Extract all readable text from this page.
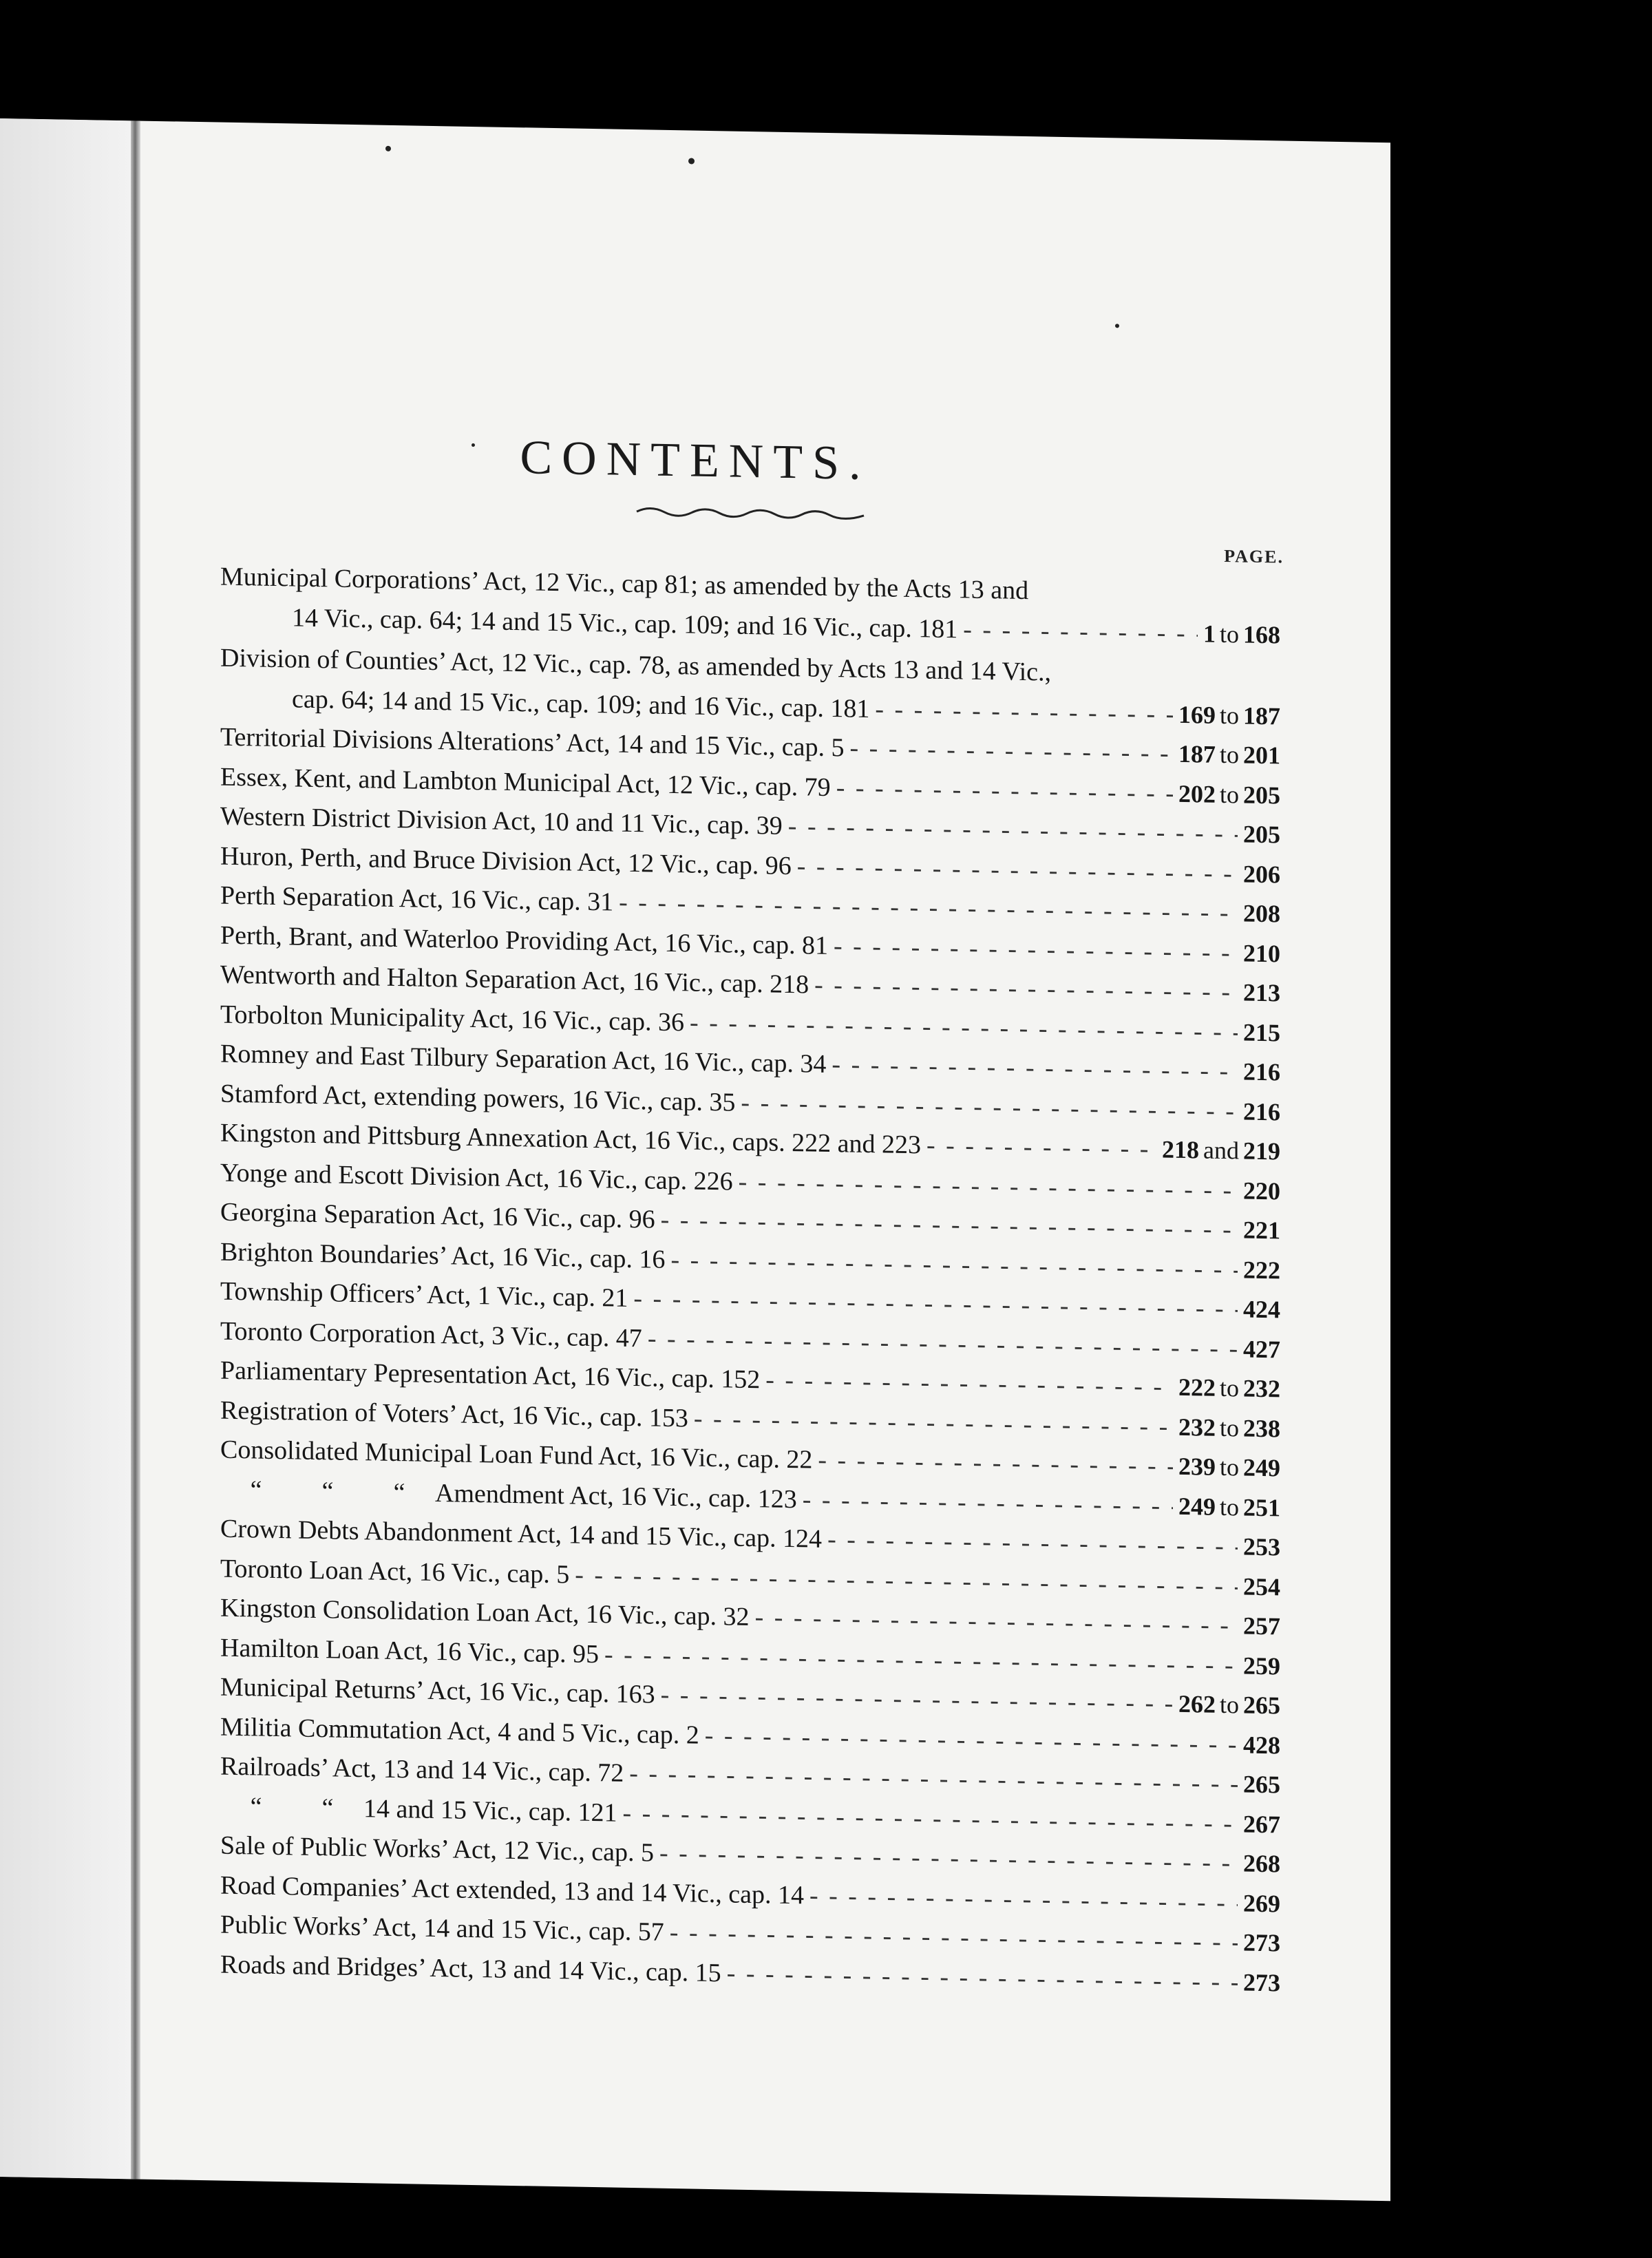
CONTENTS.
PAGE.
Municipal Corporations’ Act, 12 Vic., cap 81; as amended by the Acts 13 and
14 Vic., cap. 64; 14 and 15 Vic., cap. 109; and 16 Vic., cap. 181 - - -	1 to 168
Division of Counties’ Act, 12 Vic., cap. 78, as amended by Acts 13 and 14 Vic.,
cap. 64; 14 and 15 Vic., cap. 109; and 16 Vic., cap. 181 - - -	169 to 187
Territorial Divisions Alterations’ Act, 14 and 15 Vic., cap. 5 - - -	187 to 201
Essex, Kent, and Lambton Municipal Act, 12 Vic., cap. 79 - - -	202 to 205
Western District Division Act, 10 and 11 Vic., cap. 39 - - -	205
Huron, Perth, and Bruce Division Act, 12 Vic., cap. 96 - - -	206
Perth Separation Act, 16 Vic., cap. 31 - - -	208
Perth, Brant, and Waterloo Providing Act, 16 Vic., cap. 81 - - -	210
Wentworth and Halton Separation Act, 16 Vic., cap. 218 - - -	213
Torbolton Municipality Act, 16 Vic., cap. 36 - - -	215
Romney and East Tilbury Separation Act, 16 Vic., cap. 34 - - -	216
Stamford Act, extending powers, 16 Vic., cap. 35 - - -	216
Kingston and Pittsburg Annexation Act, 16 Vic., caps. 222 and 223 - - -	218 and 219
Yonge and Escott Division Act, 16 Vic., cap. 226 - - -	220
Georgina Separation Act, 16 Vic., cap. 96 - - -	221
Brighton Boundaries’ Act, 16 Vic., cap. 16 - - -	222
Township Officers’ Act, 1 Vic., cap. 21 - - -	424
Toronto Corporation Act, 3 Vic., cap. 47 - - -	427
Parliamentary Pepresentation Act, 16 Vic., cap. 152 - - -	222 to 232
Registration of Voters’ Act, 16 Vic., cap. 153 - - -	232 to 238
Consolidated Municipal Loan Fund Act, 16 Vic., cap. 22 - - -	239 to 249
“ “ “ Amendment Act, 16 Vic., cap. 123 - - -	249 to 251
Crown Debts Abandonment Act, 14 and 15 Vic., cap. 124 - - -	253
Toronto Loan Act, 16 Vic., cap. 5 - - -	254
Kingston Consolidation Loan Act, 16 Vic., cap. 32 - - -	257
Hamilton Loan Act, 16 Vic., cap. 95 - - -	259
Municipal Returns’ Act, 16 Vic., cap. 163 - - -	262 to 265
Militia Commutation Act, 4 and 5 Vic., cap. 2 - - -	428
Railroads’ Act, 13 and 14 Vic., cap. 72 - - -	265
“ “ 14 and 15 Vic., cap. 121 - - -	267
Sale of Public Works’ Act, 12 Vic., cap. 5 - - -	268
Road Companies’ Act extended, 13 and 14 Vic., cap. 14 - - -	269
Public Works’ Act, 14 and 15 Vic., cap. 57 - - -	273
Roads and Bridges’ Act, 13 and 14 Vic., cap. 15 - - -	273
